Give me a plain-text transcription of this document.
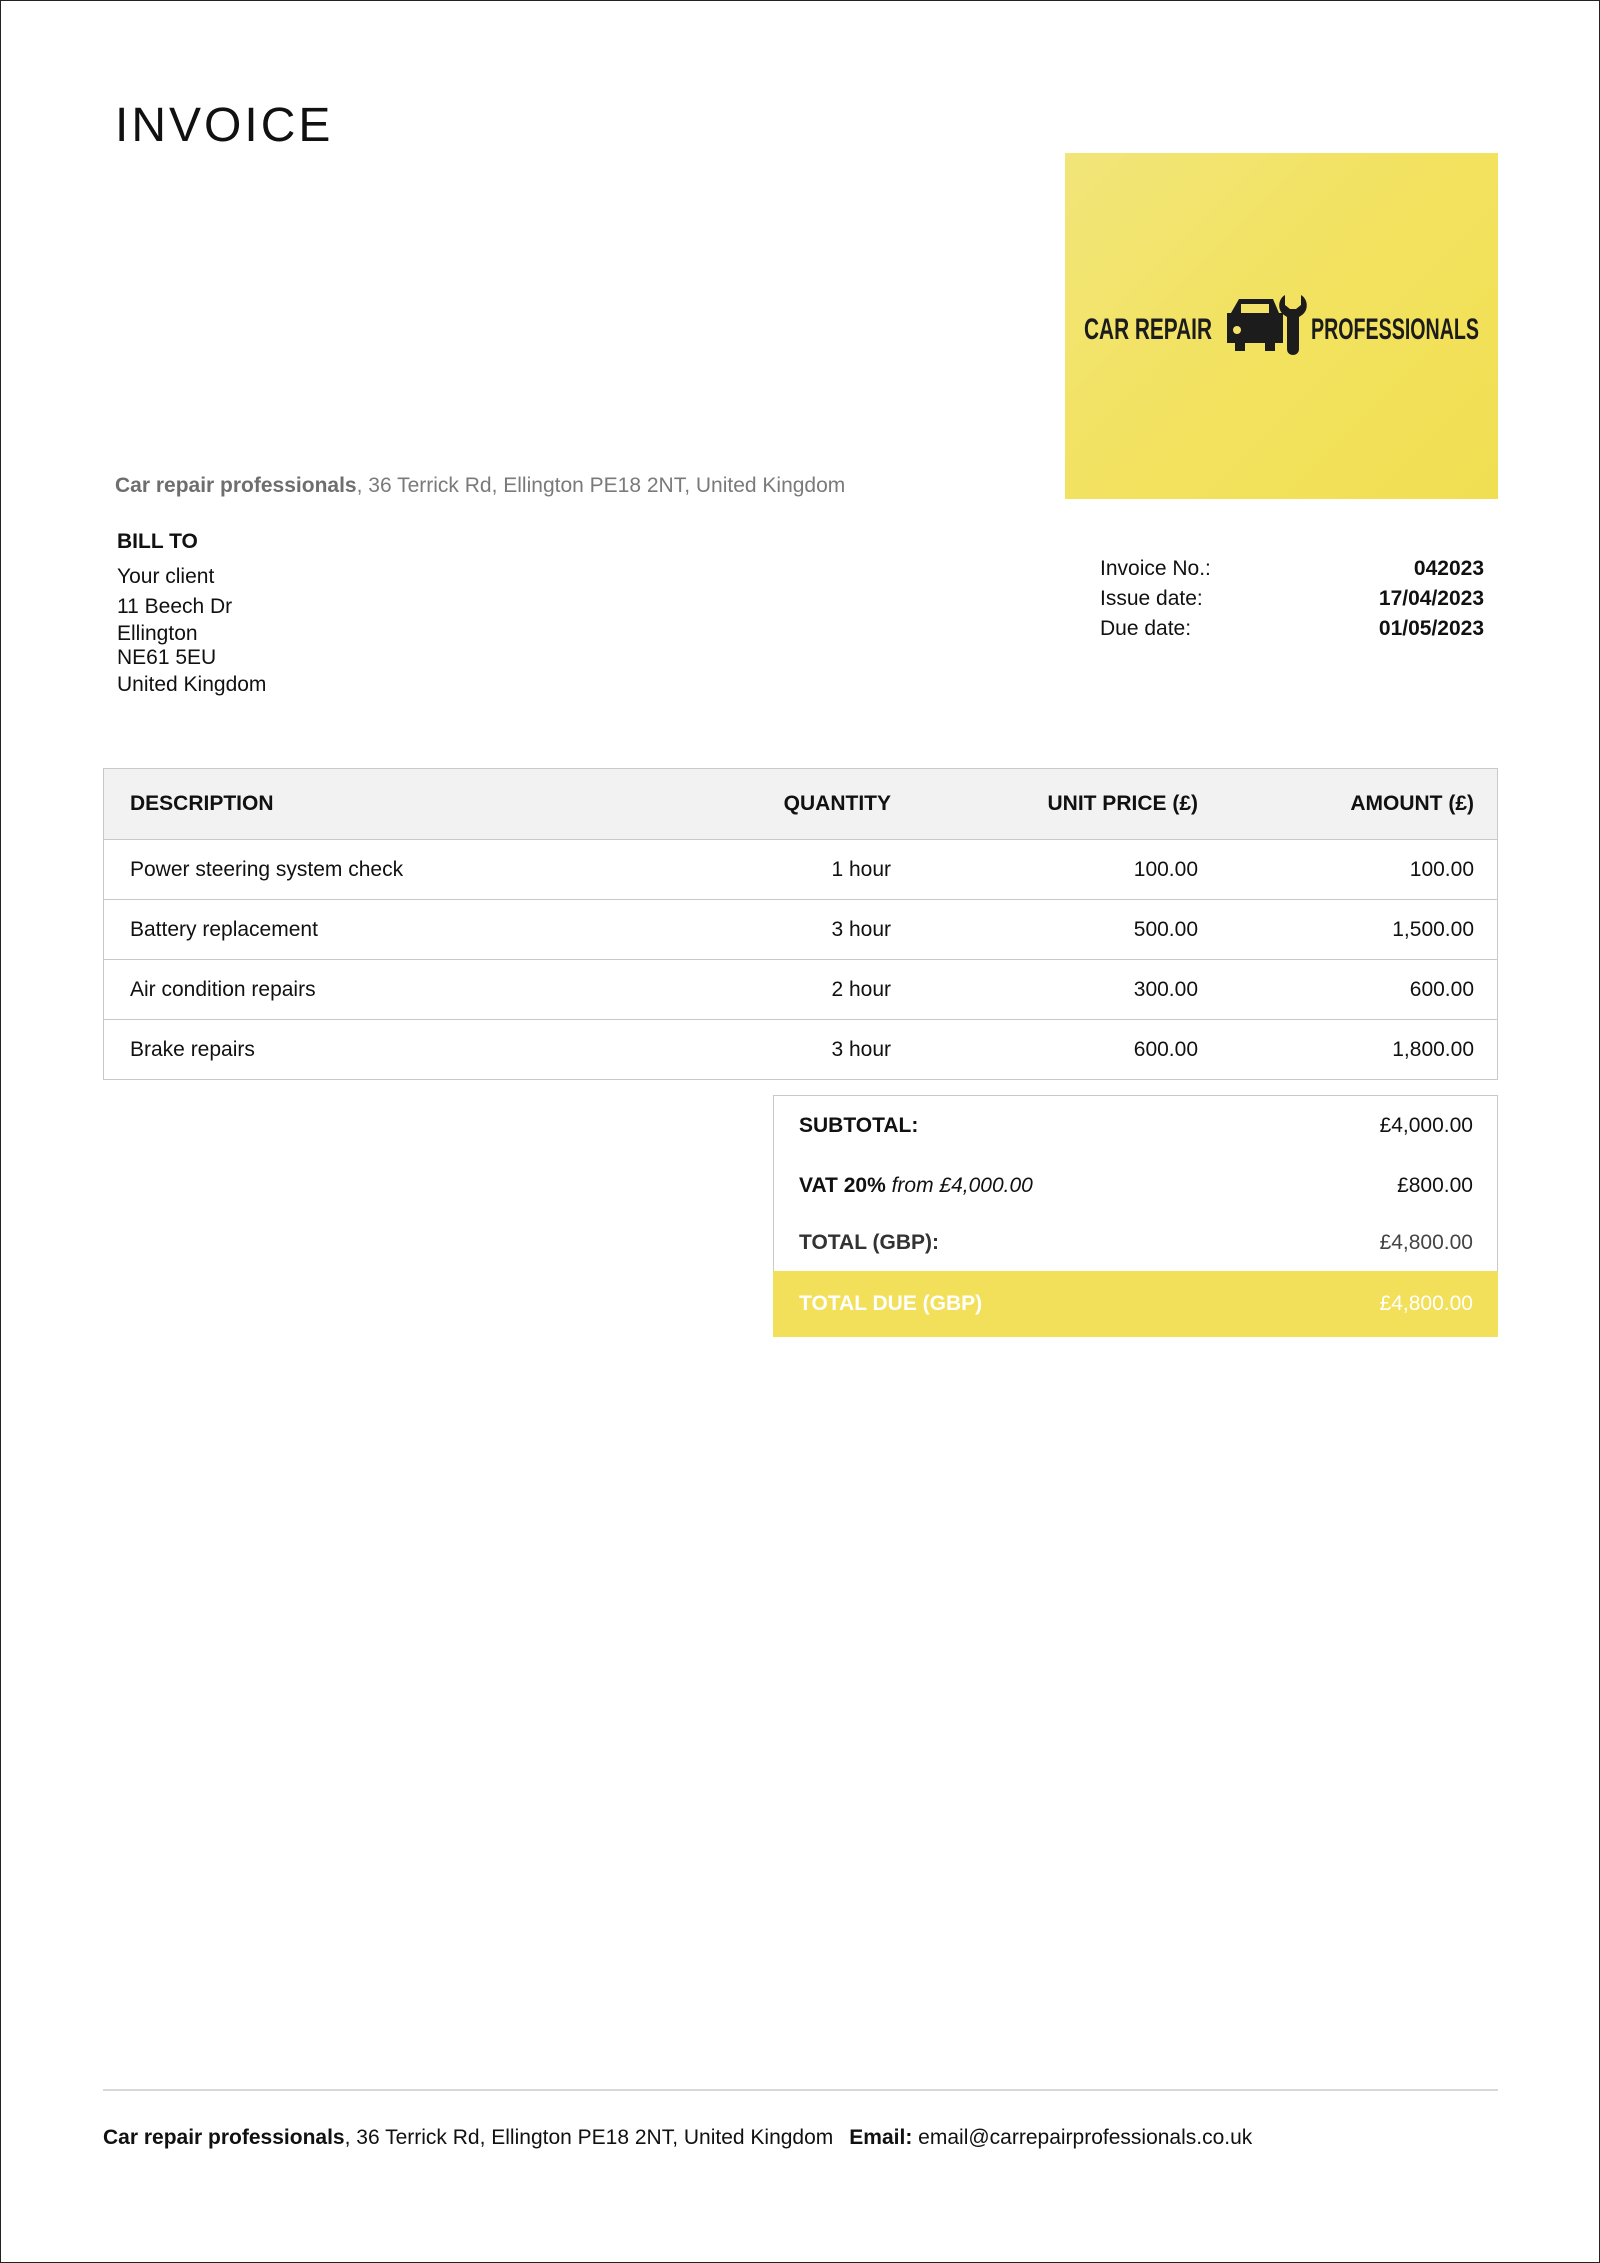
INVOICE
CAR REPAIR	PROFESSIONALS
Car repair professionals, 36 Terrick Rd, Ellington PE18 2NT, United Kingdom
BILL TO
Your client
11 Beech Dr
Ellington
NE61 5EU
United Kingdom
Invoice No.:	042023
Issue date:	17/04/2023
Due date:	01/05/2023
DESCRIPTION	QUANTITY	UNIT PRICE (£)	AMOUNT (£)
Power steering system check	1 hour	100.00	100.00
Battery replacement	3 hour	500.00	1,500.00
Air condition repairs	2 hour	300.00	600.00
Brake repairs	3 hour	600.00	1,800.00
SUBTOTAL:	£4,000.00
VAT 20% from £4,000.00	£800.00
TOTAL (GBP):	£4,800.00
TOTAL DUE (GBP)	£4,800.00
Car repair professionals, 36 Terrick Rd, Ellington PE18 2NT, United Kingdom Email: email@carrepairprofessionals.co.uk
